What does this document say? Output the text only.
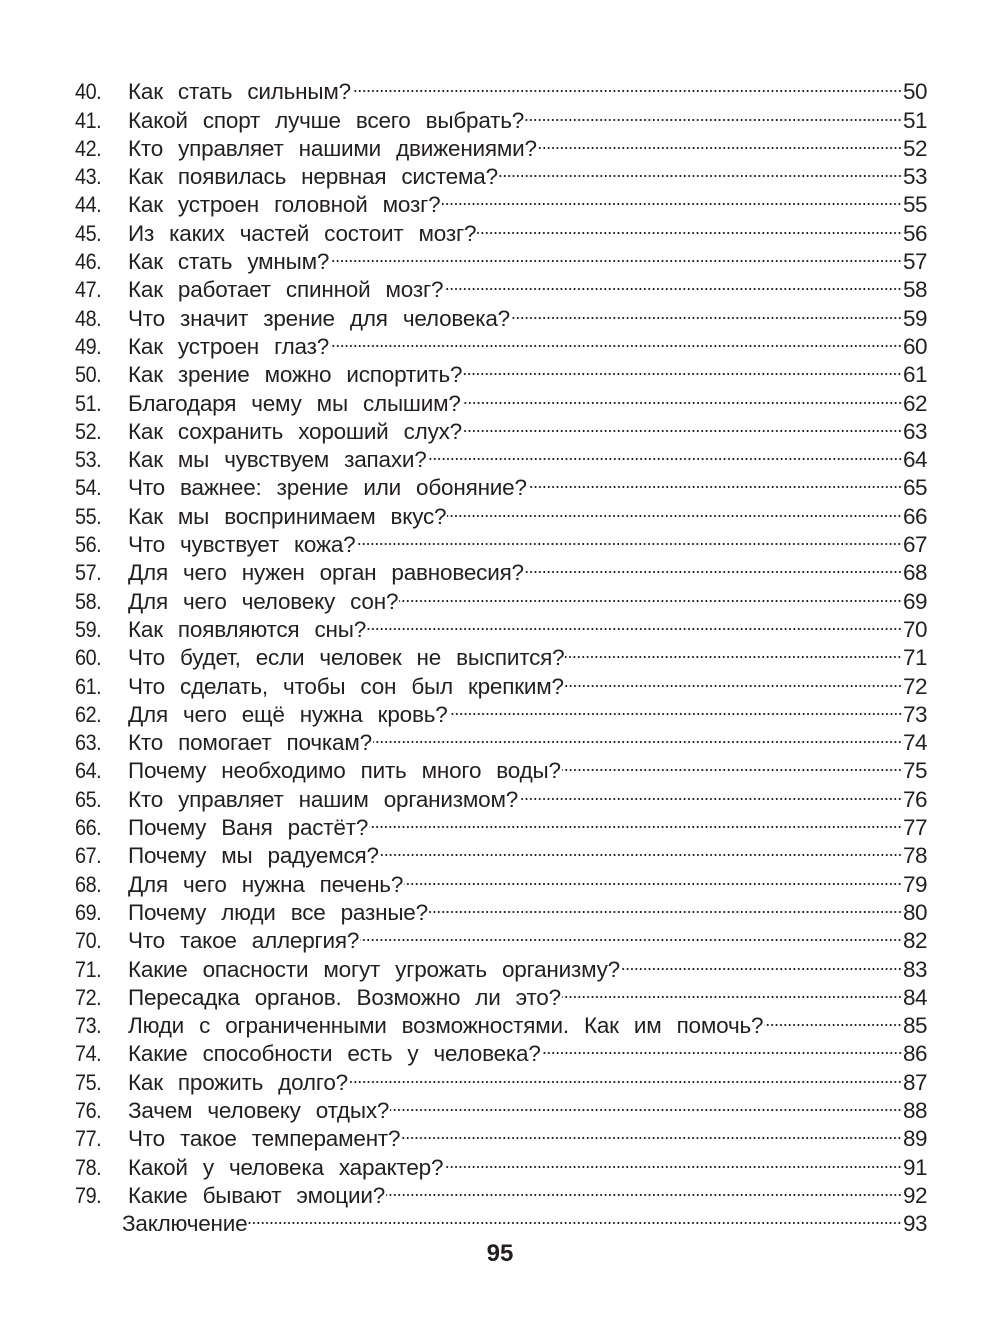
40.	Как стать сильным?	50
41.	Какой спорт лучше всего выбрать?	51
42.	Кто управляет нашими движениями?	52
43.	Как появилась нервная система?	53
44.	Как устроен головной мозг?	55
45.	Из каких частей состоит мозг?	56
46.	Как стать умным?	57
47.	Как работает спинной мозг?	58
48.	Что значит зрение для человека?	59
49.	Как устроен глаз?	60
50.	Как зрение можно испортить?	61
51.	Благодаря чему мы слышим?	62
52.	Как сохранить хороший слух?	63
53.	Как мы чувствуем запахи?	64
54.	Что важнее: зрение или обоняние?	65
55.	Как мы воспринимаем вкус?	66
56.	Что чувствует кожа?	67
57.	Для чего нужен орган равновесия?	68
58.	Для чего человеку сон?	69
59.	Как появляются сны?	70
60.	Что будет, если человек не выспится?	71
61.	Что сделать, чтобы сон был крепким?	72
62.	Для чего ещё нужна кровь?	73
63.	Кто помогает почкам?	74
64.	Почему необходимо пить много воды?	75
65.	Кто управляет нашим организмом?	76
66.	Почему Ваня растёт?	77
67.	Почему мы радуемся?	78
68.	Для чего нужна печень?	79
69.	Почему люди все разные?	80
70.	Что такое аллергия?	82
71.	Какие опасности могут угрожать организму?	83
72.	Пересадка органов. Возможно ли это?	84
73.	Люди с ограниченными возможностями. Как им помочь?	85
74.	Какие способности есть у человека?	86
75.	Как прожить долго?	87
76.	Зачем человеку отдых?	88
77.	Что такое темперамент?	89
78.	Какой у человека характер?	91
79.	Какие бывают эмоции?	92
Заключение	93
95
